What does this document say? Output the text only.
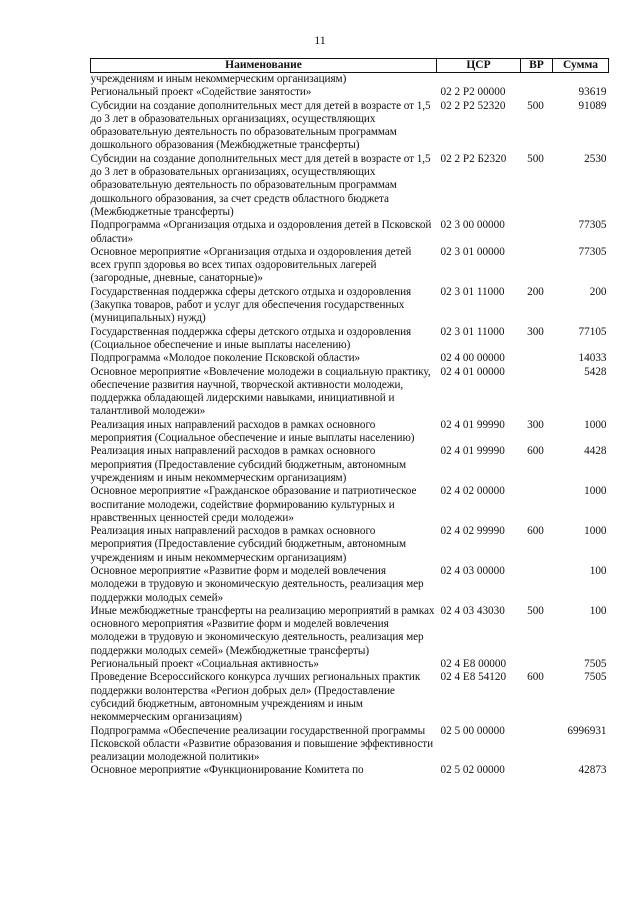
11
Наименование	ЦСР	ВР	Сумма
учреждениям и иным некоммерческим организациям)			
Региональный проект «Содействие занятости»	02 2 Р2 00000		93619
Субсидии на создание дополнительных мест для детей в возрасте от 1,5 до 3 лет в образовательных организациях, осуществляющих образовательную деятельность по образовательным программам дошкольного образования (Межбюджетные трансферты)	02 2 Р2 52320	500	91089
Субсидии на создание дополнительных мест для детей в возрасте от 1,5 до 3 лет в образовательных организациях, осуществляющих образовательную деятельность по образовательным программам дошкольного образования, за счет средств областного бюджета (Межбюджетные трансферты)	02 2 Р2 Б2320	500	2530
Подпрограмма «Организация отдыха и оздоровления детей в Псковской области»	02 3 00 00000		77305
Основное мероприятие «Организация отдыха и оздоровления детей всех групп здоровья во всех типах оздоровительных лагерей (загородные, дневные, санаторные)»	02 3 01 00000		77305
Государственная поддержка сферы детского отдыха и оздоровления (Закупка товаров, работ и услуг для обеспечения государственных (муниципальных) нужд)	02 3 01 11000	200	200
Государственная поддержка сферы детского отдыха и оздоровления (Социальное обеспечение и иные выплаты населению)	02 3 01 11000	300	77105
Подпрограмма «Молодое поколение Псковской области»	02 4 00 00000		14033
Основное мероприятие «Вовлечение молодежи в социальную практику, обеспечение развития научной, творческой активности молодежи, поддержка обладающей лидерскими навыками, инициативной и талантливой молодежи»	02 4 01 00000		5428
Реализация иных направлений расходов в рамках основного мероприятия (Социальное обеспечение и иные выплаты населению)	02 4 01 99990	300	1000
Реализация иных направлений расходов в рамках основного мероприятия (Предоставление субсидий бюджетным, автономным учреждениям и иным некоммерческим организациям)	02 4 01 99990	600	4428
Основное мероприятие «Гражданское образование и патриотическое воспитание молодежи, содействие формированию культурных и нравственных ценностей среди молодежи»	02 4 02 00000		1000
Реализация иных направлений расходов в рамках основного мероприятия (Предоставление субсидий бюджетным, автономным учреждениям и иным некоммерческим организациям)	02 4 02 99990	600	1000
Основное мероприятие «Развитие форм и моделей вовлечения молодежи в трудовую и экономическую деятельность, реализация мер поддержки молодых семей»	02 4 03 00000		100
Иные межбюджетные трансферты на реализацию мероприятий в рамках основного мероприятия «Развитие форм и моделей вовлечения молодежи в трудовую и экономическую деятельность, реализация мер поддержки молодых семей» (Межбюджетные трансферты)	02 4 03 43030	500	100
Региональный проект «Социальная активность»	02 4 Е8 00000		7505
Проведение Всероссийского конкурса лучших региональных практик поддержки волонтерства «Регион добрых дел» (Предоставление субсидий бюджетным, автономным учреждениям и иным некоммерческим организациям)	02 4 Е8 54120	600	7505
Подпрограмма «Обеспечение реализации государственной программы Псковской области «Развитие образования и повышение эффективности реализации молодежной политики»	02 5 00 00000		6996931
Основное мероприятие «Функционирование Комитета по	02 5 02 00000		42873
